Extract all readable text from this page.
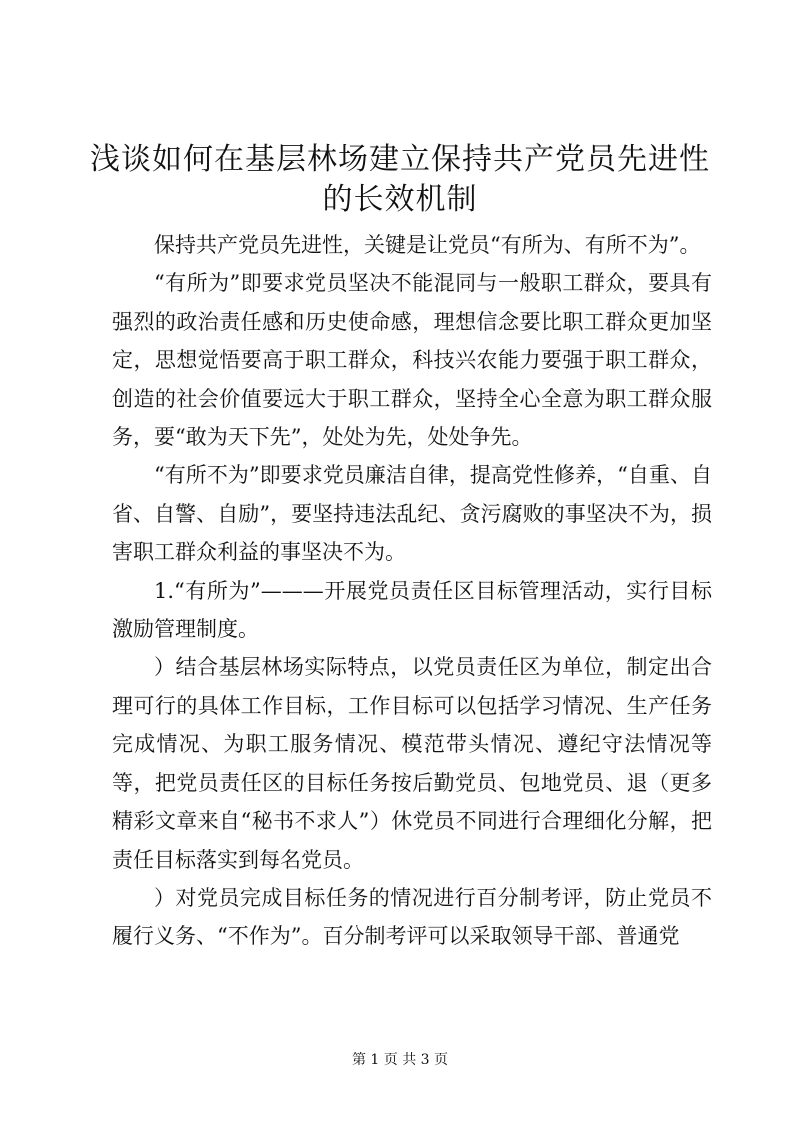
浅谈如何在基层林场建立保持共产党员先进性
的长效机制

保持共产党员先进性，关键是让党员“有所为、有所不为”。

“有所为”即要求党员坚决不能混同与一般职工群众，要具有强烈的政治责任感和历史使命感，理想信念要比职工群众更加坚定，思想觉悟要高于职工群众，科技兴农能力要强于职工群众，创造的社会价值要远大于职工群众，坚持全心全意为职工群众服务，要“敢为天下先”，处处为先，处处争先。

“有所不为”即要求党员廉洁自律，提高党性修养，“自重、自省、自警、自励”，要坚持违法乱纪、贪污腐败的事坚决不为，损害职工群众利益的事坚决不为。

1.“有所为”———开展党员责任区目标管理活动，实行目标激励管理制度。

）结合基层林场实际特点，以党员责任区为单位，制定出合理可行的具体工作目标，工作目标可以包括学习情况、生产任务完成情况、为职工服务情况、模范带头情况、遵纪守法情况等等，把党员责任区的目标任务按后勤党员、包地党员、退（更多精彩文章来自“秘书不求人”）休党员不同进行合理细化分解，把责任目标落实到每名党员。

）对党员完成目标任务的情况进行百分制考评，防止党员不履行义务、“不作为”。百分制考评可以采取领导干部、普通党

第 1 页 共 3 页
